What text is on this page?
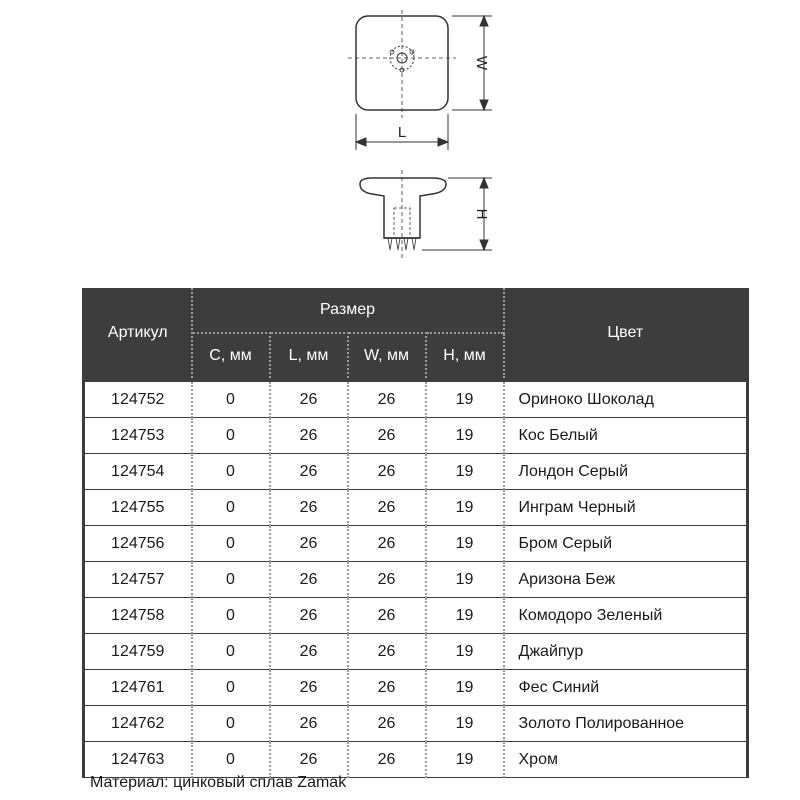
W
L
H
Артикул	Размер				Цвет
	C, мм	L, мм	W, мм	H, мм	
124752	0	26	26	19	Ориноко Шоколад
124753	0	26	26	19	Кос Белый
124754	0	26	26	19	Лондон Серый
124755	0	26	26	19	Инграм Черный
124756	0	26	26	19	Бром Серый
124757	0	26	26	19	Аризона Беж
124758	0	26	26	19	Комодоро Зеленый
124759	0	26	26	19	Джайпур
124761	0	26	26	19	Фес Синий
124762	0	26	26	19	Золото Полированное
124763	0	26	26	19	Хром
Материал: цинковый сплав Zamak
